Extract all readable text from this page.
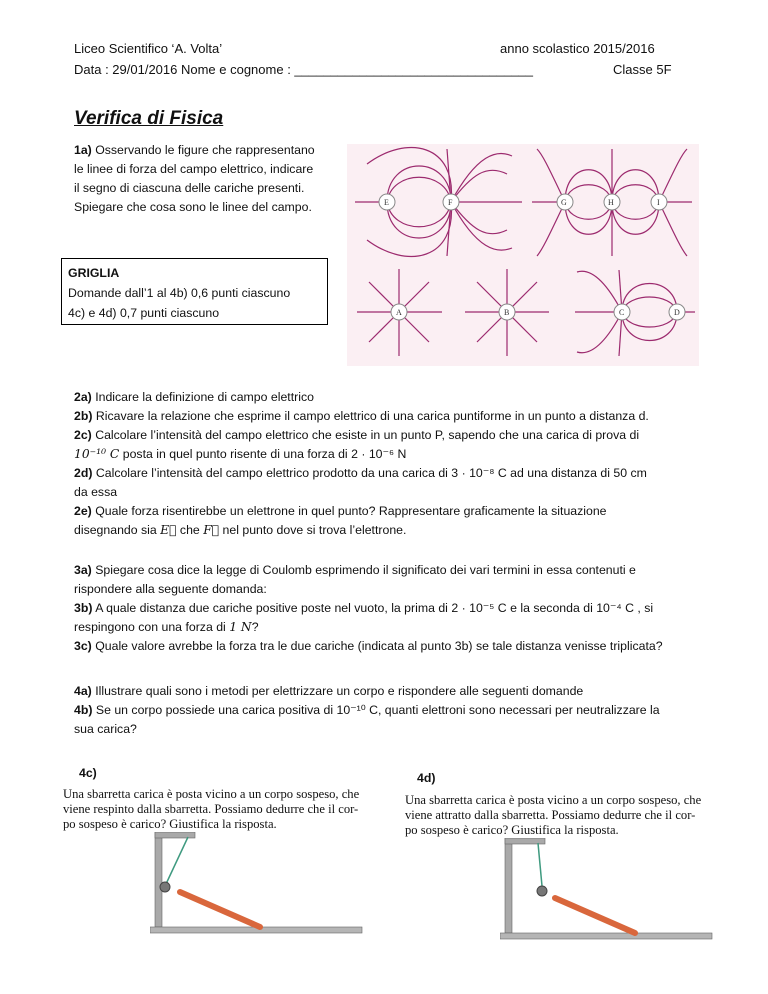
Liceo Scientifico ‘A. Volta’	anno scolastico 2015/2016
Data : 29/01/2016 Nome e cognome : _________________________________	Classe 5F
Verifica di Fisica
1a) Osservando le figure che rappresentano
le linee di forza del campo elettrico, indicare
il segno di ciascuna delle cariche presenti.
Spiegare che cosa sono le linee del campo.
GRIGLIA
Domande dall’1 al 4b) 0,6 punti ciascuno
4c) e 4d) 0,7 punti ciascuno
E	F	G	H	I
A	B	C	D
2a) Indicare la definizione di campo elettrico
2b) Ricavare la relazione che esprime il campo elettrico di una carica puntiforme in un punto a distanza d.
2c) Calcolare l’intensità del campo elettrico che esiste in un punto P, sapendo che una carica di prova di
10⁻¹⁰ C posta in quel punto risente di una forza di 2 · 10⁻⁶ N
2d) Calcolare l’intensità del campo elettrico prodotto da una carica di 3 · 10⁻⁸ C ad una distanza di 50 cm
da essa
2e) Quale forza risentirebbe un elettrone in quel punto? Rappresentare graficamente la situazione
disegnando sia E⃗ che F⃗ nel punto dove si trova l’elettrone.
3a) Spiegare cosa dice la legge di Coulomb esprimendo il significato dei vari termini in essa contenuti e
rispondere alla seguente domanda:
3b) A quale distanza due cariche positive poste nel vuoto, la prima di 2 · 10⁻⁵ C e la seconda di 10⁻⁴ C , si
respingono con una forza di 1 N?
3c) Quale valore avrebbe la forza tra le due cariche (indicata al punto 3b) se tale distanza venisse triplicata?
4a) Illustrare quali sono i metodi per elettrizzare un corpo e rispondere alle seguenti domande
4b) Se un corpo possiede una carica positiva di 10⁻¹⁰ C, quanti elettroni sono necessari per neutralizzare la
sua carica?
4c)
Una sbarretta carica è posta vicino a un corpo sospeso, che
viene respinto dalla sbarretta. Possiamo dedurre che il cor-
po sospeso è carico? Giustifica la risposta.
4d)
Una sbarretta carica è posta vicino a un corpo sospeso, che
viene attratto dalla sbarretta. Possiamo dedurre che il cor-
po sospeso è carico? Giustifica la risposta.
